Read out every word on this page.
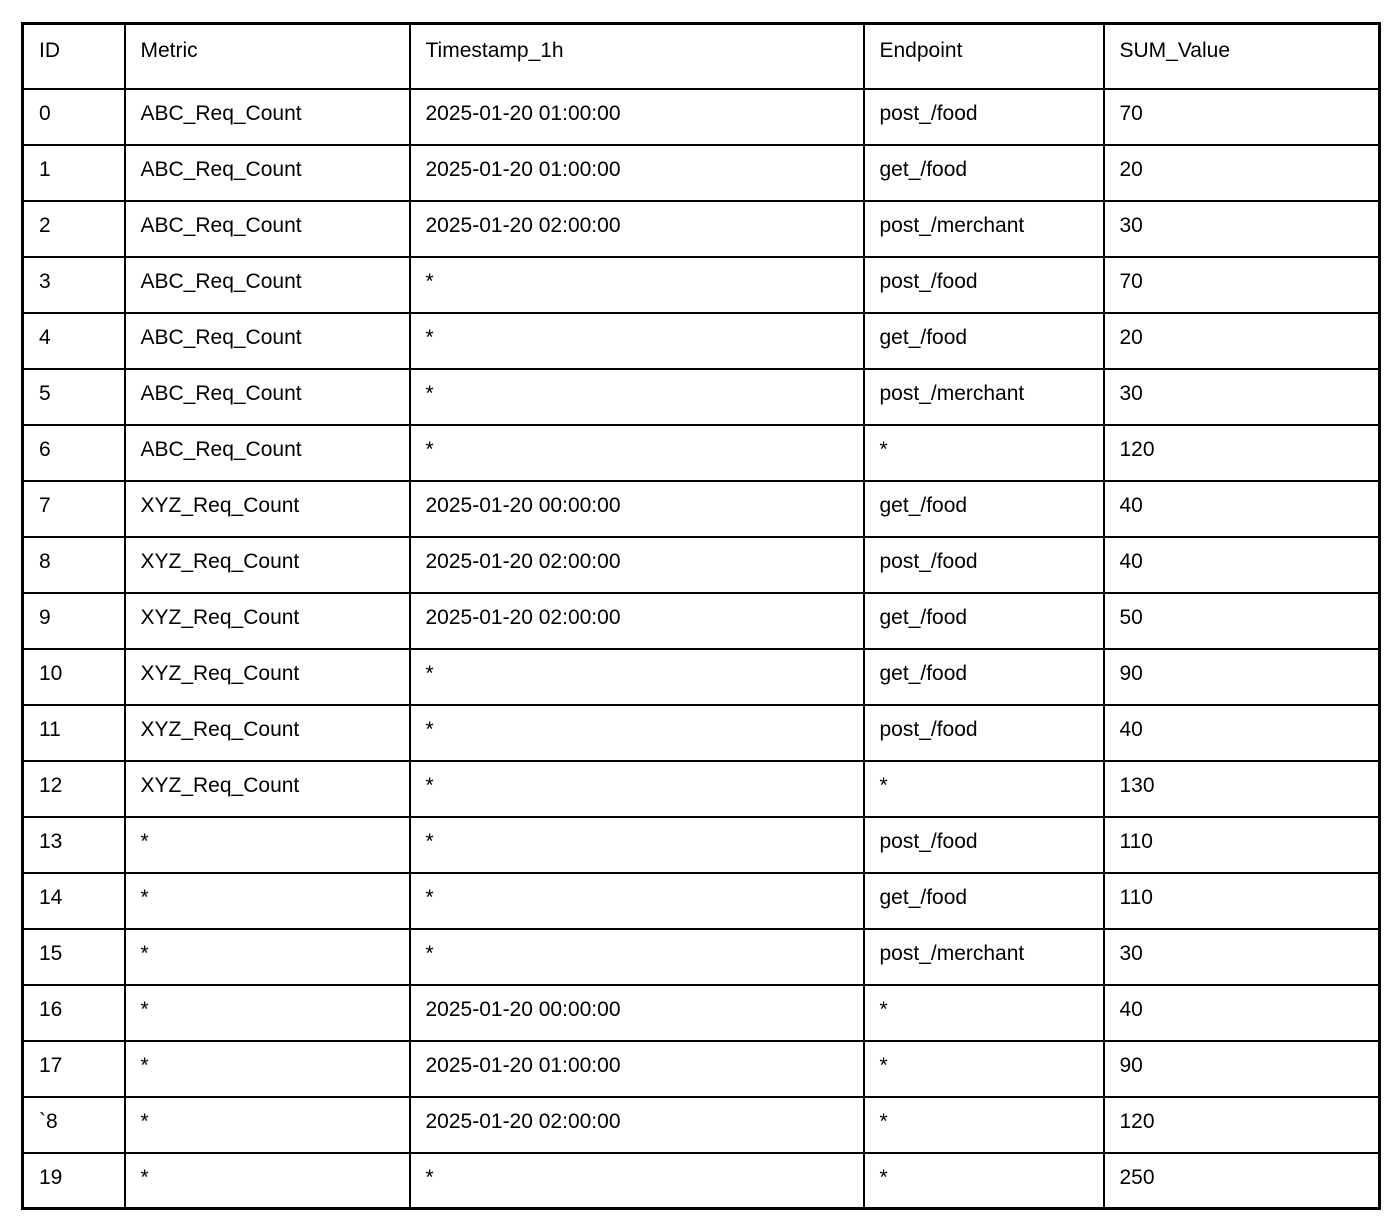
ID	Metric	Timestamp_1h	Endpoint	SUM_Value
0	ABC_Req_Count	2025-01-20 01:00:00	post_/food	70
1	ABC_Req_Count	2025-01-20 01:00:00	get_/food	20
2	ABC_Req_Count	2025-01-20 02:00:00	post_/merchant	30
3	ABC_Req_Count	*	post_/food	70
4	ABC_Req_Count	*	get_/food	20
5	ABC_Req_Count	*	post_/merchant	30
6	ABC_Req_Count	*	*	120
7	XYZ_Req_Count	2025-01-20 00:00:00	get_/food	40
8	XYZ_Req_Count	2025-01-20 02:00:00	post_/food	40
9	XYZ_Req_Count	2025-01-20 02:00:00	get_/food	50
10	XYZ_Req_Count	*	get_/food	90
11	XYZ_Req_Count	*	post_/food	40
12	XYZ_Req_Count	*	*	130
13	*	*	post_/food	110
14	*	*	get_/food	110
15	*	*	post_/merchant	30
16	*	2025-01-20 00:00:00	*	40
17	*	2025-01-20 01:00:00	*	90
`8	*	2025-01-20 02:00:00	*	120
19	*	*	*	250
